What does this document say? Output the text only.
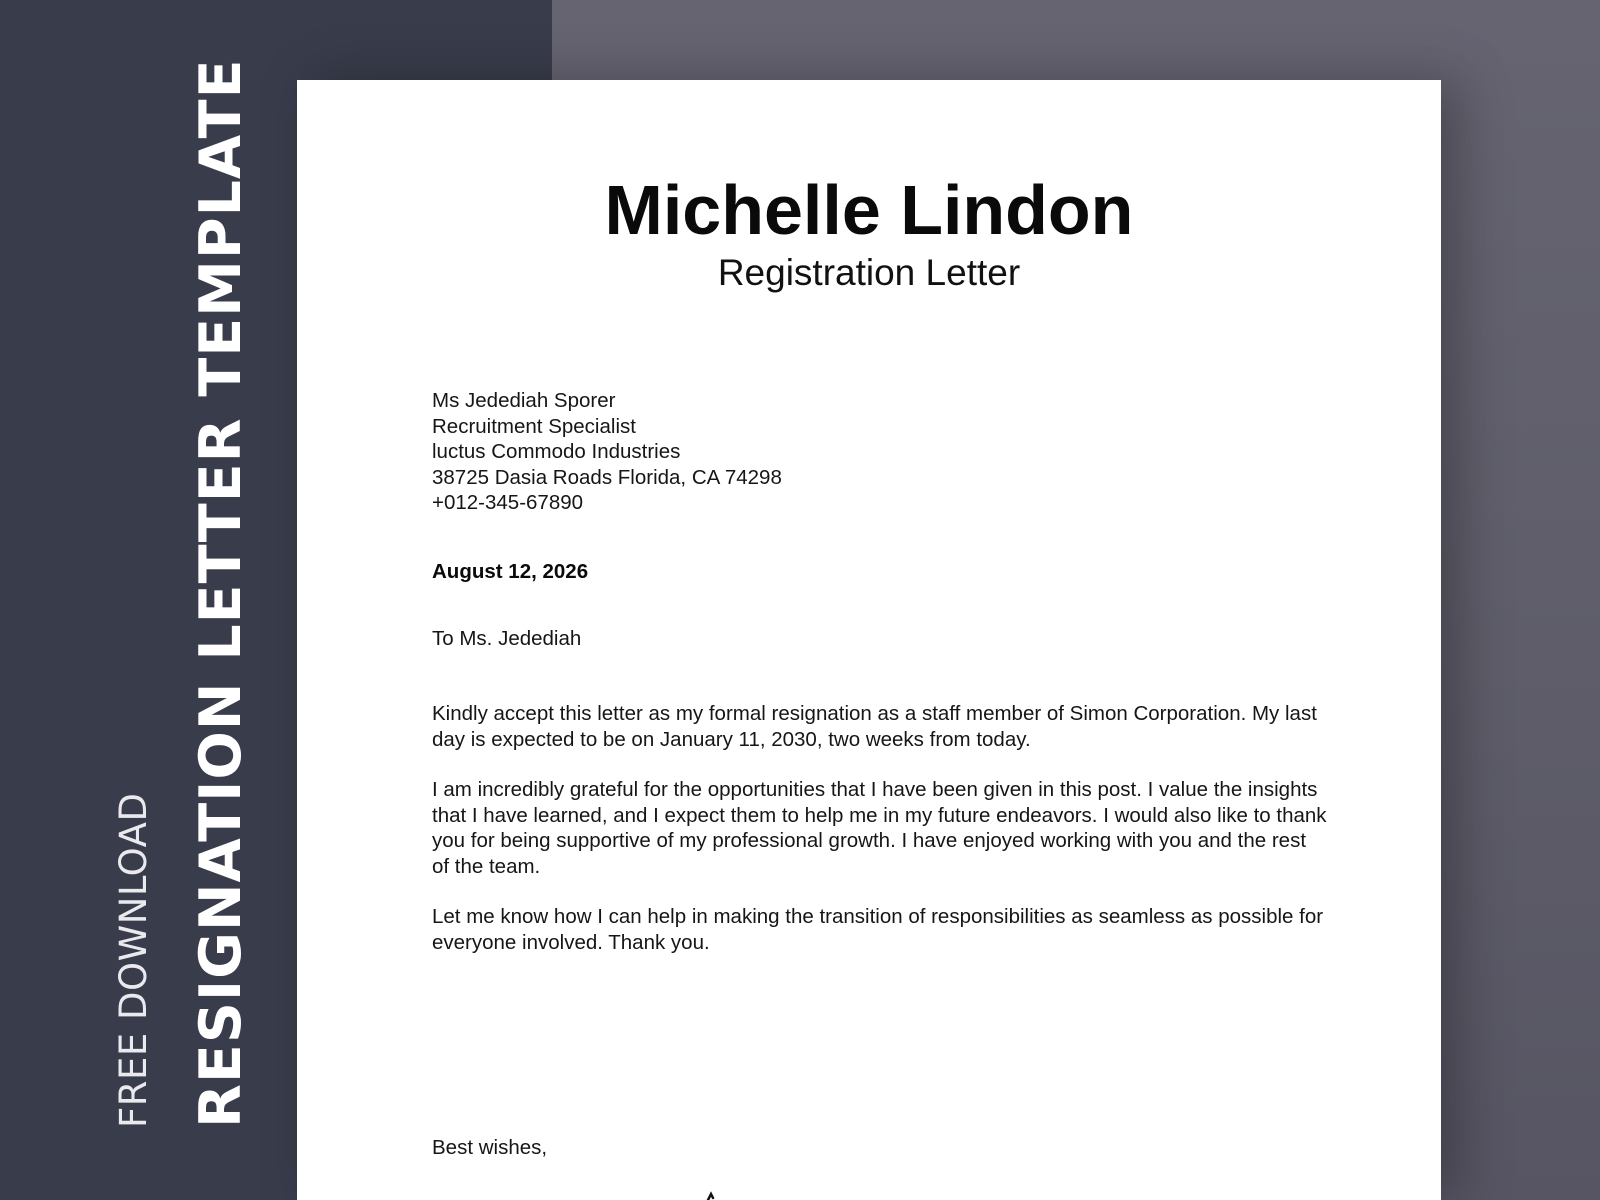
FREE DOWNLOAD RESIGNATION LETTER TEMPLATE	Michelle Lindon
Registration Letter
Ms Jedediah Sporer
Recruitment Specialist
luctus Commodo Industries
38725 Dasia Roads Florida, CA 74298
+012-345-67890
August 12, 2026
To Ms. Jedediah

Kindly accept this letter as my formal resignation as a staff member of Simon Corporation. My last day is expected to be on January 11, 2030, two weeks from today.

I am incredibly grateful for the opportunities that I have been given in this post. I value the insights that I have learned, and I expect them to help me in my future endeavors. I would also like to thank you for being supportive of my professional growth. I have enjoyed working with you and the rest of the team.

Let me know how I can help in making the transition of responsibilities as seamless as possible for everyone involved. Thank you.

Best wishes,
